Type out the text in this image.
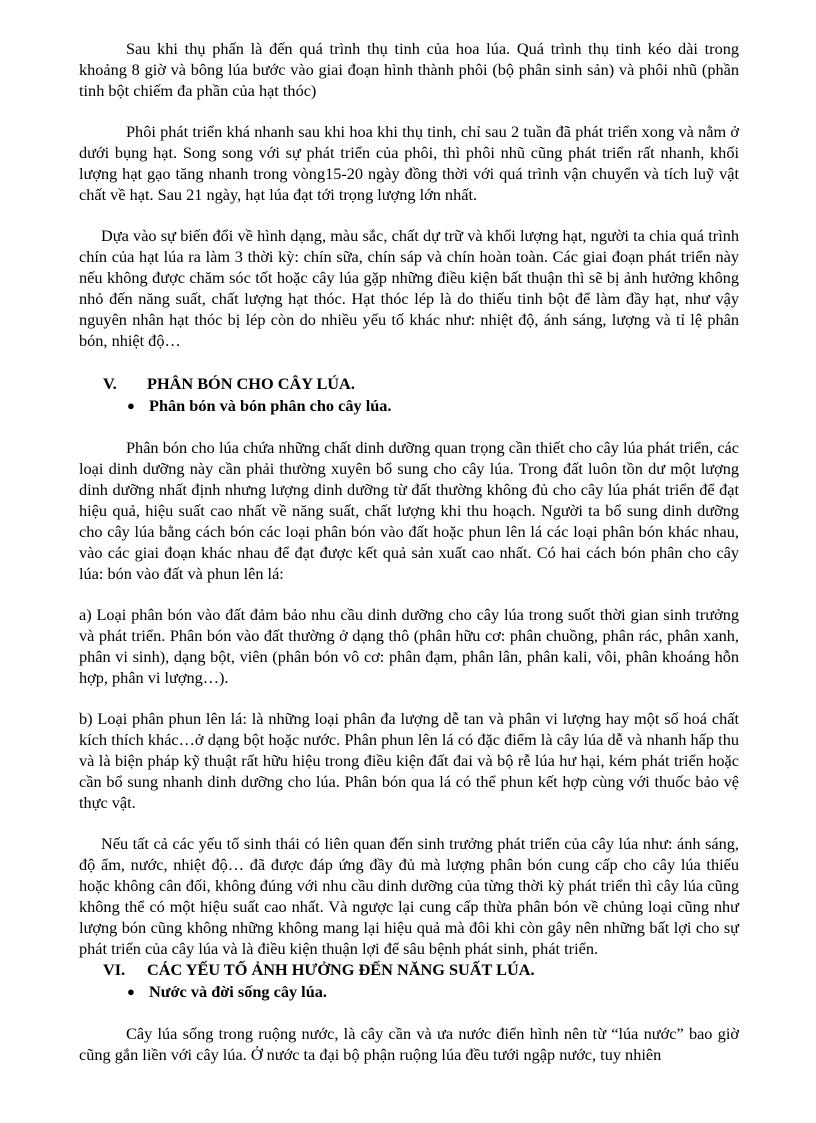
Sau khi thụ phấn là đến quá trình thụ tinh của hoa lúa. Quá trình thụ tinh kéo dài trong khoảng 8 giờ và bông lúa bước vào giai đoạn hình thành phôi (bộ phân sinh sản) và phôi nhũ (phần tinh bột chiếm đa phần của hạt thóc)

Phôi phát triển khá nhanh sau khi hoa khi thụ tinh, chỉ sau 2 tuần đã phát triển xong và nằm ở dưới bụng hạt. Song song với sự phát triển của phôi, thì phôi nhũ cũng phát triển rất nhanh, khối lượng hạt gạo tăng nhanh trong vòng15-20 ngày đồng thời với quá trình vận chuyển và tích luỹ vật chất về hạt. Sau 21 ngày, hạt lúa đạt tới trọng lượng lớn nhất.

Dựa vào sự biến đổi về hình dạng, màu sắc, chất dự trữ và khối lượng hạt, người ta chia quá trình chín của hạt lúa ra làm 3 thời kỳ: chín sữa, chín sáp và chín hoàn toàn. Các giai đoạn phát triển này nếu không được chăm sóc tốt hoặc cây lúa gặp những điều kiện bất thuận thì sẽ bị ảnh hưởng không nhỏ đến năng suất, chất lượng hạt thóc. Hạt thóc lép là do thiếu tinh bột để làm đầy hạt, như vậy nguyên nhân hạt thóc bị lép còn do nhiều yếu tố khác như: nhiệt độ, ánh sáng, lượng và tỉ lệ phân bón, nhiệt độ…

V.	PHÂN BÓN CHO CÂY LÚA.
● Phân bón và bón phân cho cây lúa.

Phân bón cho lúa chứa những chất dinh dưỡng quan trọng cần thiết cho cây lúa phát triển, các loại dinh dưỡng này cần phải thường xuyên bổ sung cho cây lúa. Trong đất luôn tồn dư một lượng dinh dưỡng nhất định nhưng lượng dinh dưỡng từ đất thường không đủ cho cây lúa phát triển để đạt hiệu quả, hiệu suất cao nhất về năng suất, chất lượng khi thu hoạch. Người ta bổ sung dinh dưỡng cho cây lúa bằng cách bón các loại phân bón vào đất hoặc phun lên lá các loại phân bón khác nhau, vào các giai đoạn khác nhau để đạt được kết quả sản xuất cao nhất. Có hai cách bón phân cho cây lúa: bón vào đất và phun lên lá:

a) Loại phân bón vào đất đảm bảo nhu cầu dinh dưỡng cho cây lúa trong suốt thời gian sinh trưởng và phát triển. Phân bón vào đất thường ở dạng thô (phân hữu cơ: phân chuồng, phân rác, phân xanh, phân vi sinh), dạng bột, viên (phân bón vô cơ: phân đạm, phân lân, phân kali, vôi, phân khoáng hỗn hợp, phân vi lượng…).

b) Loại phân phun lên lá: là những loại phân đa lượng dễ tan và phân vi lượng hay một số hoá chất kích thích khác…ở dạng bột hoặc nước. Phân phun lên lá có đặc điểm là cây lúa dễ và nhanh hấp thu và là biện pháp kỹ thuật rất hữu hiệu trong điều kiện đất đai và bộ rễ lúa hư hại, kém phát triển hoặc cần bổ sung nhanh dinh dưỡng cho lúa. Phân bón qua lá có thể phun kết hợp cùng với thuốc bảo vệ thực vật.

Nếu tất cả các yếu tố sinh thái có liên quan đến sinh trưởng phát triển của cây lúa như: ánh sáng, độ ẩm, nước, nhiệt độ… đã được đáp ứng đầy đủ mà lượng phân bón cung cấp cho cây lúa thiếu hoặc không cân đối, không đúng với nhu cầu dinh dưỡng của từng thời kỳ phát triển thì cây lúa cũng không thể có một hiệu suất cao nhất. Và ngược lại cung cấp thừa phân bón về chủng loại cũng như lượng bón cũng không những không mang lại hiệu quả mà đôi khi còn gây nên những bất lợi cho sự phát triển của cây lúa và là điều kiện thuận lợi để sâu bệnh phát sinh, phát triển.

VI.	CÁC YẾU TỐ ẢNH HƯỞNG ĐẾN NĂNG SUẤT LÚA.
● Nước và đời sống cây lúa.

Cây lúa sống trong ruộng nước, là cây cần và ưa nước điển hình nên từ “lúa nước” bao giờ cũng gắn liền với cây lúa. Ở nước ta đại bộ phận ruộng lúa đều tưới ngập nước, tuy nhiên
